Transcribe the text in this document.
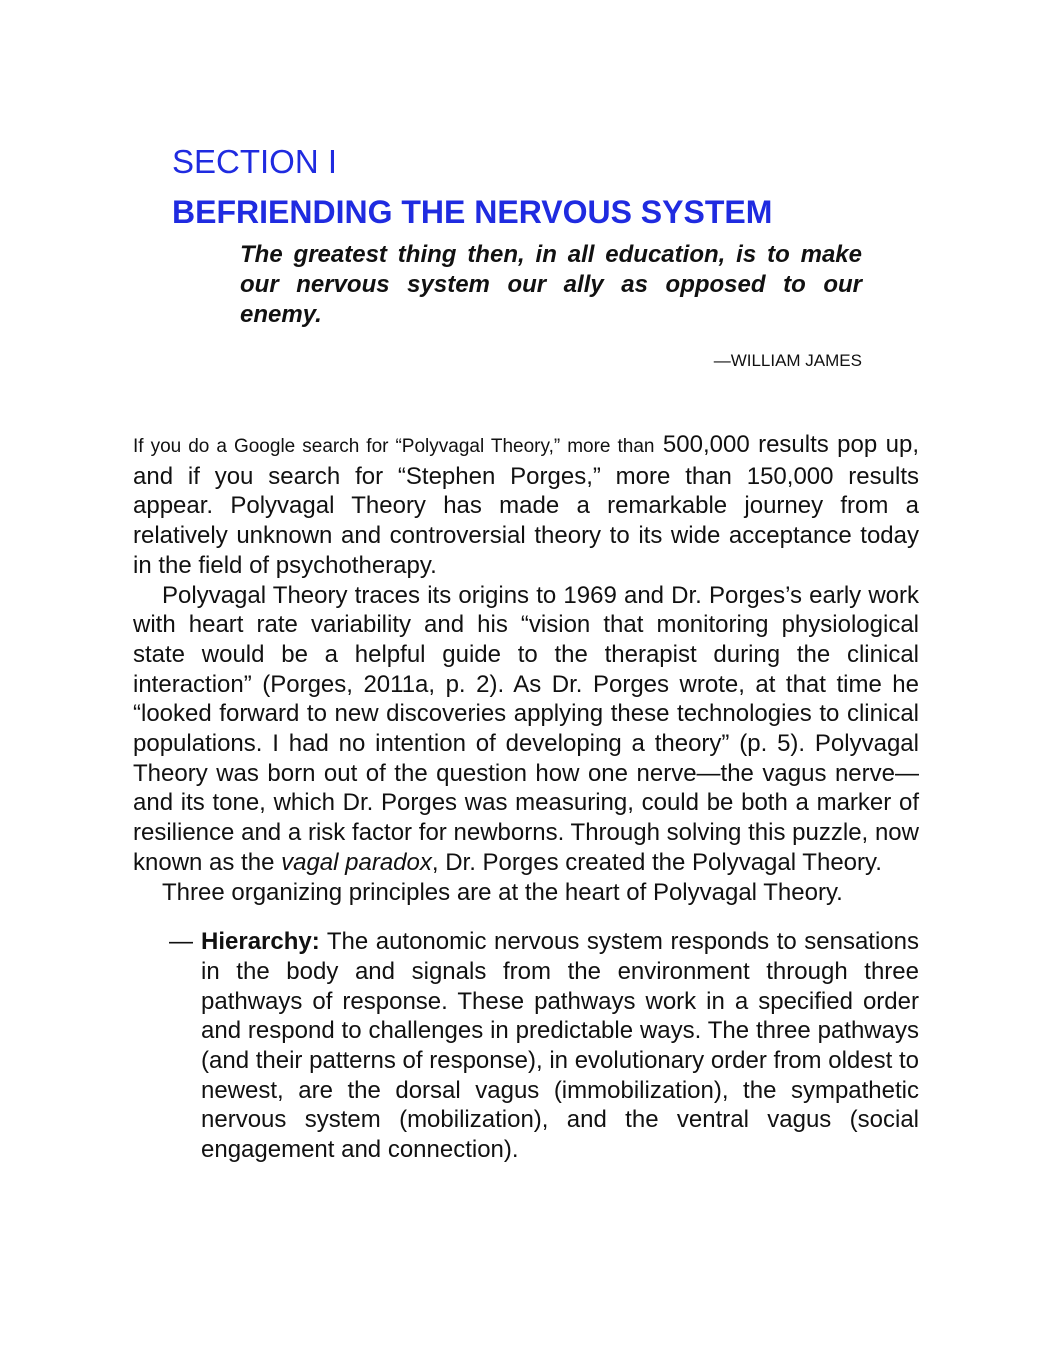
SECTION I
BEFRIENDING THE NERVOUS SYSTEM

The greatest thing then, in all education, is to make our nervous system our ally as opposed to our enemy.

—WILLIAM JAMES

If you do a Google search for “Polyvagal Theory,” more than 500,000 results pop up, and if you search for “Stephen Porges,” more than 150,000 results appear. Polyvagal Theory has made a remarkable journey from a relatively unknown and controversial theory to its wide acceptance today in the field of psychotherapy.

Polyvagal Theory traces its origins to 1969 and Dr. Porges’s early work with heart rate variability and his “vision that monitoring physiological state would be a helpful guide to the therapist during the clinical interaction” (Porges, 2011a, p. 2). As Dr. Porges wrote, at that time he “looked forward to new discoveries applying these technologies to clinical populations. I had no intention of developing a theory” (p. 5). Polyvagal Theory was born out of the question how one nerve—the vagus nerve—and its tone, which Dr. Porges was measuring, could be both a marker of resilience and a risk factor for newborns. Through solving this puzzle, now known as the vagal paradox, Dr. Porges created the Polyvagal Theory.

Three organizing principles are at the heart of Polyvagal Theory.

— Hierarchy: The autonomic nervous system responds to sensations in the body and signals from the environment through three pathways of response. These pathways work in a specified order and respond to challenges in predictable ways. The three pathways (and their patterns of response), in evolutionary order from oldest to newest, are the dorsal vagus (immobilization), the sympathetic nervous system (mobilization), and the ventral vagus (social engagement and connection).
